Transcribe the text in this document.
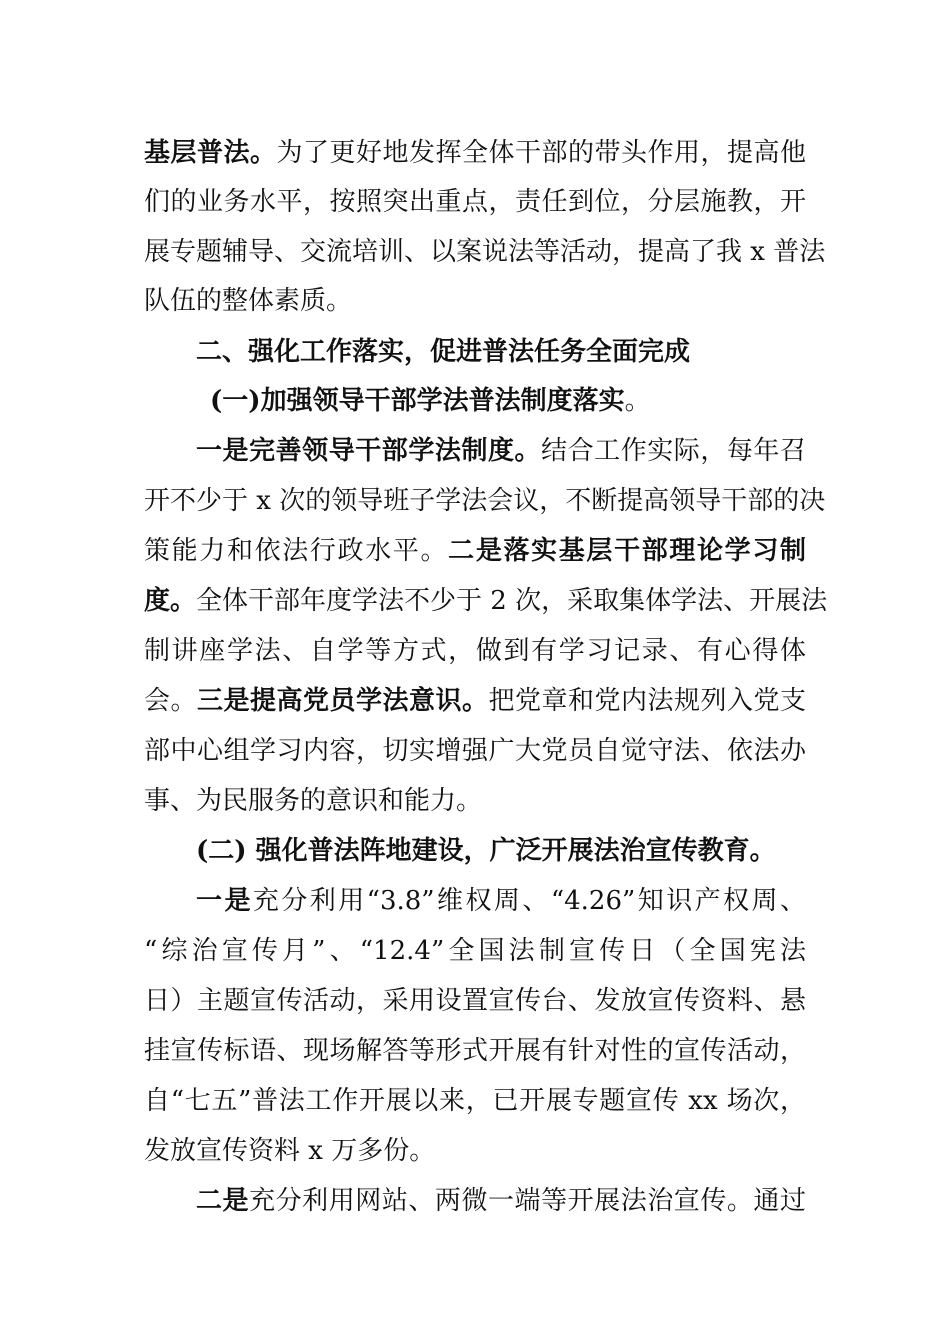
基层普法。为了更好地发挥全体干部的带头作用，提高他
们的业务水平，按照突出重点，责任到位，分层施教，开
展专题辅导、交流培训、以案说法等活动，提高了我 x 普法
队伍的整体素质。
二、强化工作落实，促进普法任务全面完成
(一)加强领导干部学法普法制度落实。
一是完善领导干部学法制度。结合工作实际，每年召
开不少于 x 次的领导班子学法会议，不断提高领导干部的决
策能力和依法行政水平。二是落实基层干部理论学习制
度。全体干部年度学法不少于 2 次，采取集体学法、开展法
制讲座学法、自学等方式，做到有学习记录、有心得体
会。三是提高党员学法意识。把党章和党内法规列入党支
部中心组学习内容，切实增强广大党员自觉守法、依法办
事、为民服务的意识和能力。
(二) 强化普法阵地建设，广泛开展法治宣传教育。
一是充分利用“3.8”维权周、“4.26”知识产权周、
“综治宣传月”、“12.4”全国法制宣传日（全国宪法
日）主题宣传活动，采用设置宣传台、发放宣传资料、悬
挂宣传标语、现场解答等形式开展有针对性的宣传活动，
自“七五”普法工作开展以来，已开展专题宣传 xx 场次，
发放宣传资料 x 万多份。
二是充分利用网站、两微一端等开展法治宣传。通过
